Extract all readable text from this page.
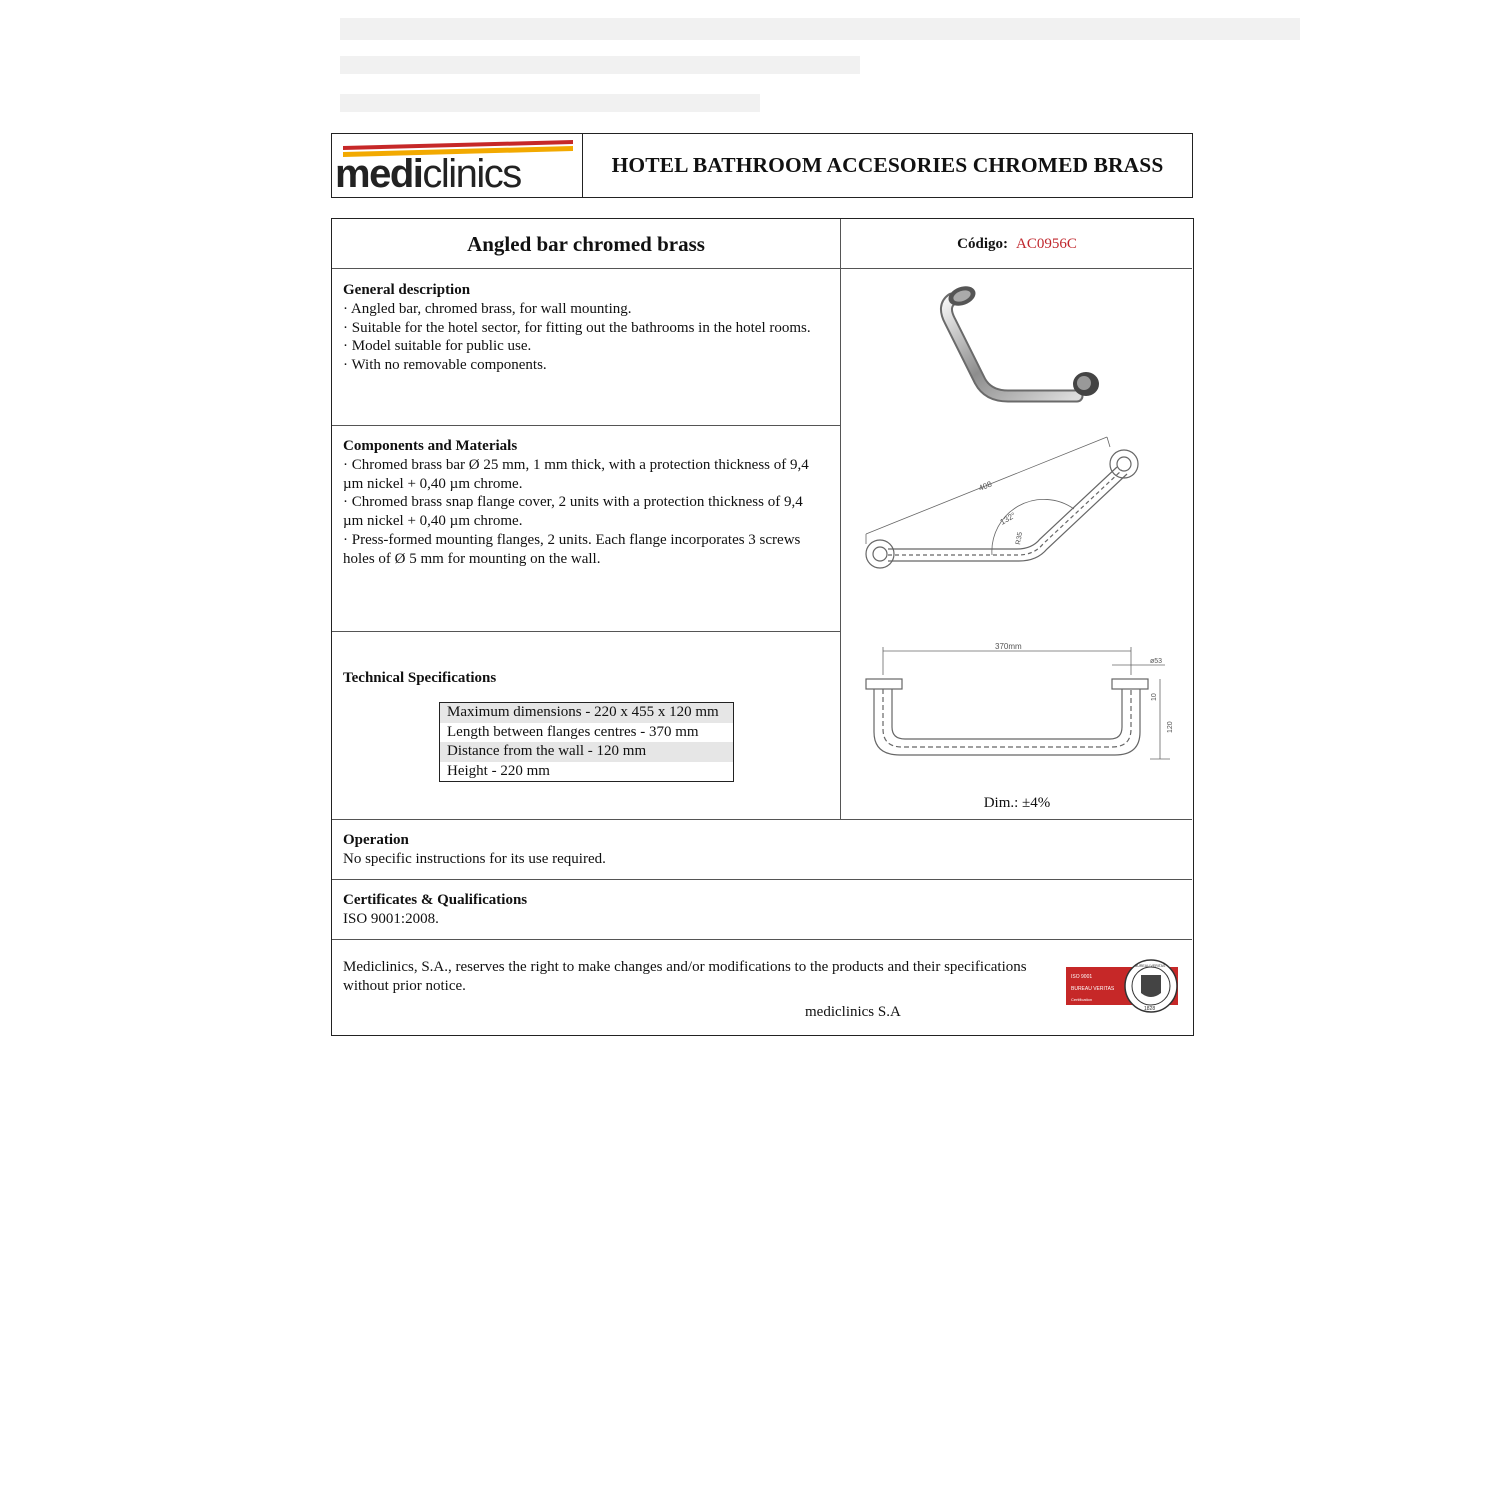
mediclinics	HOTEL BATHROOM ACCESORIES CHROMED BRASS
Angled bar chromed brass	Código: AC0956C
General description
· Angled bar, chromed brass, for wall mounting.
· Suitable for the hotel sector, for fitting out the bathrooms in the hotel rooms.
· Model suitable for public use.
· With no removable components.
Components and Materials
· Chromed brass bar Ø 25 mm, 1 mm thick, with a protection thickness of 9,4
µm nickel + 0,40 µm chrome.
· Chromed brass snap flange cover, 2 units with a protection thickness of 9,4
µm nickel + 0,40 µm chrome.
· Press-formed mounting flanges, 2 units. Each flange incorporates 3 screws
holes of Ø 5 mm for mounting on the wall.
Technical Specifications
Maximum dimensions - 220 x 455 x 120 mm
Length between flanges centres - 370 mm
Distance from the wall - 120 mm
Height - 220 mm
408
132°
R35
370mm
ø53
10
120
Dim.: ±4%
Operation
No specific instructions for its use required.
Certificates & Qualifications
ISO 9001:2008.
Mediclinics, S.A., reserves the right to make changes and/or modifications to the products and their specifications
without prior notice.
mediclinics S.A
ISO 9001
BUREAU VERITAS
Certification
BUREAU VERITAS
1828
